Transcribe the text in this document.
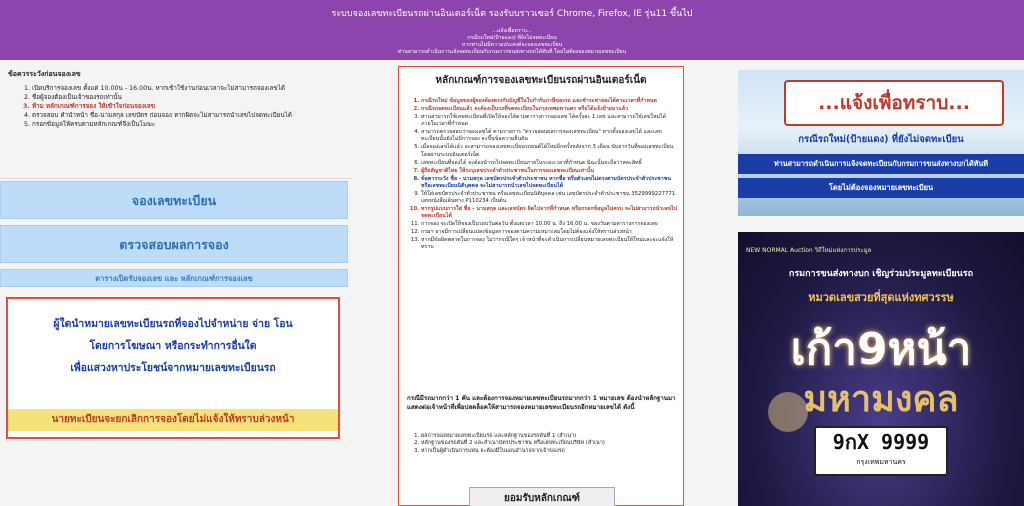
ระบบจองเลขทะเบียนรถผ่านอินเตอร์เน็ต รองรับบราวเซอร์ Chrome, Firefox, IE รุ่น11 ขึ้นไป
...แจ้งเพื่อทราบ...
กรณีรถใหม่(ป้ายแดง) ที่ยังไม่จดทะเบียน
หากท่านไม่มีความประสงค์จะจองเลขทะเบียน
ท่านสามารถดำเนินการแจ้งจดทะเบียนกับกรมการขนส่งทางบกได้ทันที โดยไม่ต้องจองหมายเลขทะเบียน
ข้อควรระวังก่อนจองเลข
1. เปิดบริการจองเลข ตั้งแต่ 10.00น - 16.00น. หากเข้าใช้งานก่อนเวลาจะไม่สามารถจองเลขได้
2. ชื่อผู้จองต้องเป็นเจ้าของรถเท่านั้น
3. ห้าม หลักเกณฑ์การจอง ให้เข้าใจก่อนจองเลข
4. ตรวจสอบ คำนำหน้า ชื่อ-นามสกุล เลขบัตร ก่อนจอง หากผิดจะไม่สามารถนำเลขไปจดทะเบียนได้
5. กรอกข้อมูลให้ครบตามหลักเกณฑ์จึงเป็นโมฆะ
จองเลขทะเบียน
ตรวจสอบผลการจอง
ตารางเปิดรับจองเลข และ หลักเกณฑ์การจองเลข
ผู้ใดนำหมายเลขทะเบียนรถที่จองไปจำหน่าย จ่าย โอน
โดยการโฆษณา หรือกระทำการอื่นใด
เพื่อแสวงหาประโยชน์จากหมายเลขทะเบียนรถ
นายทะเบียนจะยกเลิกการจองโดยไม่แจ้งให้ทราบล่วงหน้า
หลักเกณฑ์การจองเลขทะเบียนรถผ่านอินเตอร์เน็ต
1. กรณีรถใหม่ ข้อมูลของผู้จองต้องตรงกับบัญชีในใบกำกับภาษีของรถ และชำระค่าจองได้ตามเวลาที่กำหนด
2. กรณีรถจดทะเบียนแล้ว จะต้องเป็นรถที่จดทะเบียนในกรุงเทพมหานคร หรือได้แจ้งย้ายมาแล้ว
3. ท่านสามารถใช้เลขทะเบียนที่เปิดให้จองได้ตามตารางการจองเลข ได้ครั้งละ 1 เลข และสามารถใช้เลขใหม่ได้ภายในเวลาที่กำหนด
4. สามารถตรวจสอบว่าจองเลขได้ ตามรายการ "ตรวจสอบผลการจองเลขทะเบียน" หากตั้งจองเลขได้ และเลขทะเบียนนั้นยังไม่มีการจอง จะขึ้นข้อความยืนยัน
5. เมื่อจองเลขได้แล้ว จะสามารถจองเลขทะเบียนรถยนต์ได้ใหม่อีกครั้งหลังจาก 3 เดือน นับจากวันที่จองเลขทะเบียน โดยผ่านระบบอินเตอร์เน็ต
6. เลขทะเบียนที่จองได้ จะต้องนำรถไปจดทะเบียนภายในระยะเวลาที่กำหนด มิฉะนั้นจะถือว่าสละสิทธิ์
7. ผู้ถือสัญชาติไทย ให้ระบุเลขประจำตัวประชาชนในการจองเลขทะเบียนเท่านั้น
8. ข้อควรระวัง ชื่อ - นามสกุล เลขบัตรประจำตัวประชาชน หากชื่อ หรือตัวเลขไม่ตรงตามบัตรประจำตัวประชาชน หรือเลขทะเบียนนิติบุคคล จะไม่สามารถนำเลขไปจดทะเบียนได้
9. ให้ใส่เลขบัตรประจำตัวประชาชน หรือเลขทะเบียนนิติบุคคล เช่น เลขบัตรประจำตัวประชาชน 3529999227771 เลขหนังสือเดินทาง P110234 เป็นต้น
10. หากรูปแบบการใส่ ชื่อ - นามสกุล และเลขบัตร ผิดไปจากที่กำหนด หรือกรอกข้อมูลไม่ครบ จะไม่สามารถนำเลขไปจดทะเบียนได้
11. การจอง จะเปิดให้จองเป็นรอบวันต่อวัน ตั้งแต่เวลา 10.00 น. ถึง 16.00 น. ของวันตามตารางการจองเลข
12. กรมฯ อาจมีการเปลี่ยนแปลงข้อมูลการจองตามความเหมาะสมโดยไม่ต้องแจ้งให้ทราบล่วงหน้า
13. หากมีข้อผิดพลาดในการจอง ไม่ว่ากรณีใดๆ เจ้าหน้าที่จะดำเนินการเปลี่ยนหมายเลขทะเบียนให้ใหม่และจะแจ้งให้ทราบ
กรณีมีรถมากกว่า 1 คัน และต้องการจองหมายเลขทะเบียนรถมากกว่า 1 หมายเลข ต้องนำหลักฐานมาแสดงต่อเจ้าหน้าที่เพื่อปลดล็อคให้สามารถจองหมายเลขทะเบียนรถอีกหมายเลขได้ ดังนี้
1. ผลการจองหมายเลขทะเบียนรถ และหลักฐานของรถคันที่ 1 (สำเนา)
2. หลักฐานของรถคันที่ 2 และสำเนาบัตรประชาชน หรือเลขทะเบียนบริษัท (สำเนา)
3. หากเป็นผู้ดำเนินการแทน จะต้องมีใบมอบอำนาจจากเจ้าของรถ
ยอมรับหลักเกณฑ์
...แจ้งเพื่อทราบ...
กรณีรถใหม่(ป้ายแดง) ที่ยังไม่จดทะเบียน
ท่านสามารถดำเนินการแจ้งจดทะเบียนกับกรมการขนส่งทางบกได้ทันที
โดยไม่ต้องจองหมายเลขทะเบียน
NEW NORMAL Auction วิถีใหม่แห่งการประมูล
กรมการขนส่งทางบก เชิญร่วมประมูลทะเบียนรถ
หมวดเลขสวยที่สุดแห่งทศวรรษ
เก้า9หน้า
มหามงคล
9กX 9999
กรุงเทพมหานคร
